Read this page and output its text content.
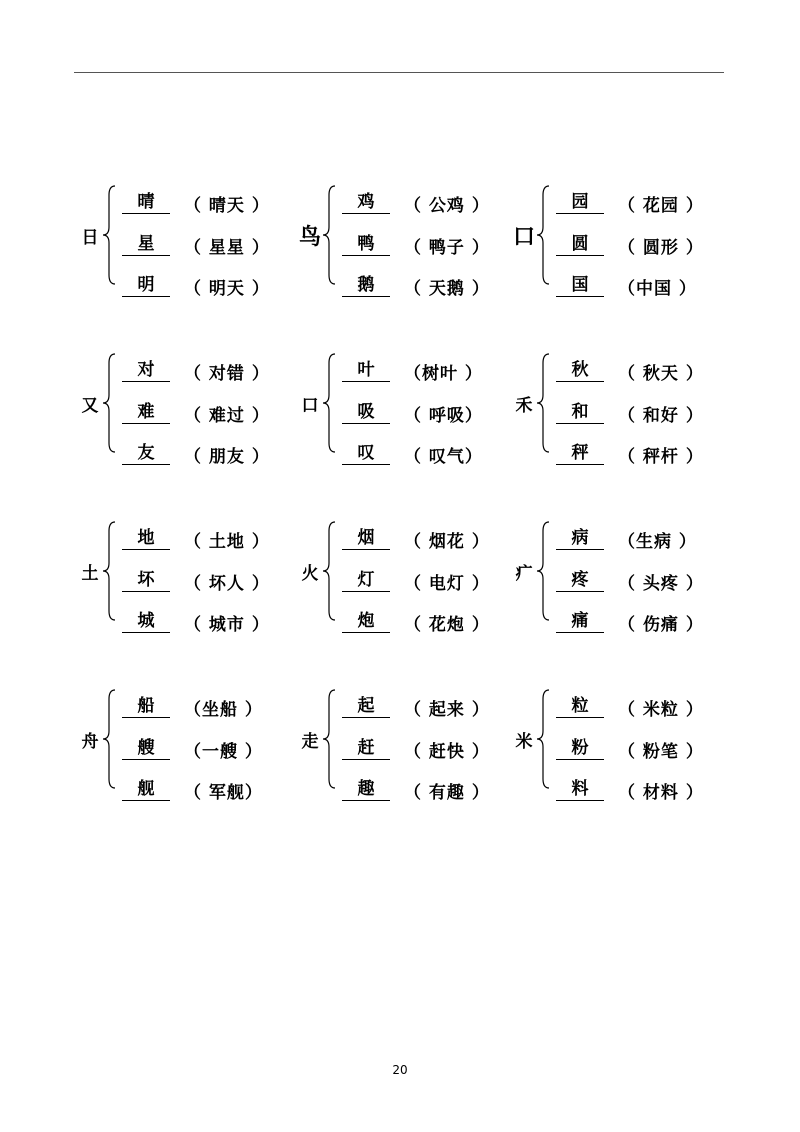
日
晴	（ 晴天 ）
星	（ 星星 ）
明	（ 明天 ）
鸟
鸡	（ 公鸡 ）
鸭	（ 鸭子 ）
鹅	（ 天鹅 ）
口
园	（ 花园 ）
圆	（ 圆形 ）
国	（中国 ）
又
对	（ 对错 ）
难	（ 难过 ）
友	（ 朋友 ）
口
叶	（树叶 ）
吸	（ 呼吸）
叹	（ 叹气）
禾
秋	（ 秋天 ）
和	（ 和好 ）
秤	（ 秤杆 ）
土
地	（ 土地 ）
坏	（ 坏人 ）
城	（ 城市 ）
火
烟	（ 烟花 ）
灯	（ 电灯 ）
炮	（ 花炮 ）
疒
病	（生病 ）
疼	（ 头疼 ）
痛	（ 伤痛 ）
舟
船	（坐船 ）
艘	（一艘 ）
舰	（ 军舰）
走
起	（ 起来 ）
赶	（ 赶快 ）
趣	（ 有趣 ）
米
粒	（ 米粒 ）
粉	（ 粉笔 ）
料	（ 材料 ）
20
